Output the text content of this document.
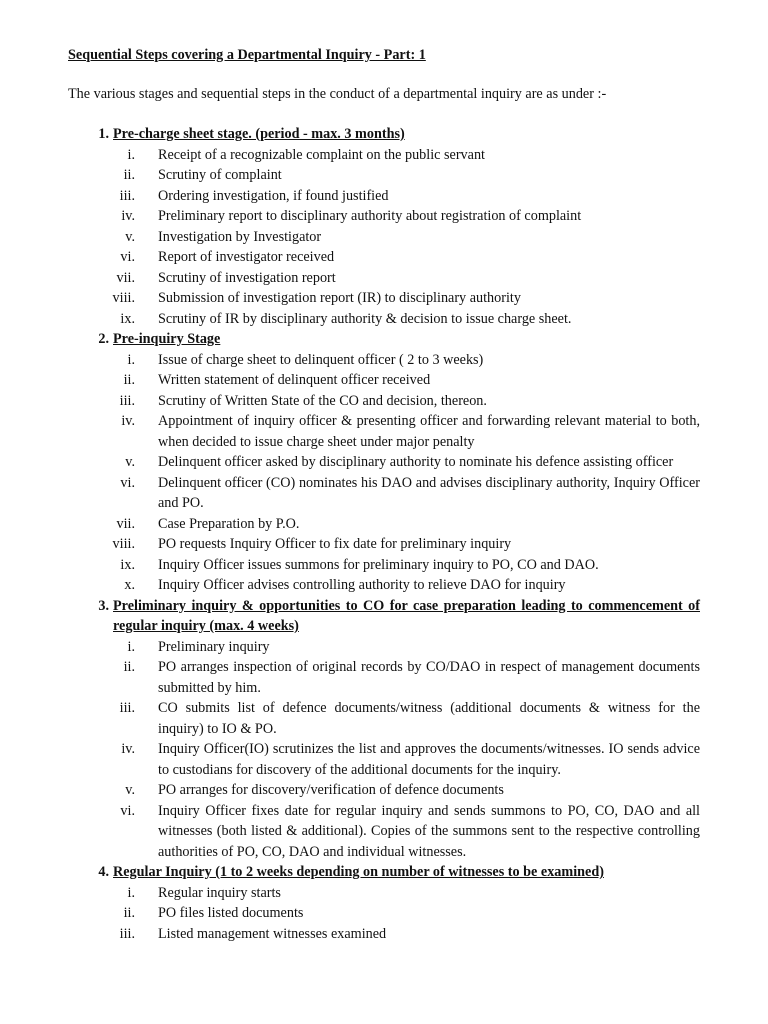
Sequential Steps covering a Departmental Inquiry - Part: 1
The various stages and sequential steps in the conduct of a departmental inquiry are as under :-
1. Pre-charge sheet stage. (period - max. 3 months)
i. Receipt of a recognizable complaint on the public servant
ii. Scrutiny of complaint
iii. Ordering investigation, if found justified
iv. Preliminary report to disciplinary authority about registration of complaint
v. Investigation by Investigator
vi. Report of investigator received
vii. Scrutiny of investigation report
viii. Submission of investigation report (IR) to disciplinary authority
ix. Scrutiny of IR by disciplinary authority & decision to issue charge sheet.
2. Pre-inquiry Stage
i. Issue of charge sheet to delinquent officer ( 2 to 3 weeks)
ii. Written statement of delinquent officer received
iii. Scrutiny of Written State of the CO and decision, thereon.
iv. Appointment of inquiry officer & presenting officer and forwarding relevant material to both, when decided to issue charge sheet under major penalty
v. Delinquent officer asked by disciplinary authority to nominate his defence assisting officer
vi. Delinquent officer (CO) nominates his DAO and advises disciplinary authority, Inquiry Officer and PO.
vii. Case Preparation by P.O.
viii. PO requests Inquiry Officer to fix date for preliminary inquiry
ix. Inquiry Officer issues summons for preliminary inquiry to PO, CO and DAO.
x. Inquiry Officer advises controlling authority to relieve DAO for inquiry
3. Preliminary inquiry & opportunities to CO for case preparation leading to commencement of regular inquiry (max. 4 weeks)
i. Preliminary inquiry
ii. PO arranges inspection of original records by CO/DAO in respect of management documents submitted by him.
iii. CO submits list of defence documents/witness (additional documents & witness for the inquiry) to IO & PO.
iv. Inquiry Officer(IO) scrutinizes the list and approves the documents/witnesses. IO sends advice to custodians for discovery of the additional documents for the inquiry.
v. PO arranges for discovery/verification of defence documents
vi. Inquiry Officer fixes date for regular inquiry and sends summons to PO, CO, DAO and all witnesses (both listed & additional). Copies of the summons sent to the respective controlling authorities of PO, CO, DAO and individual witnesses.
4. Regular Inquiry (1 to 2 weeks depending on number of witnesses to be examined)
i. Regular inquiry starts
ii. PO files listed documents
iii. Listed management witnesses examined
